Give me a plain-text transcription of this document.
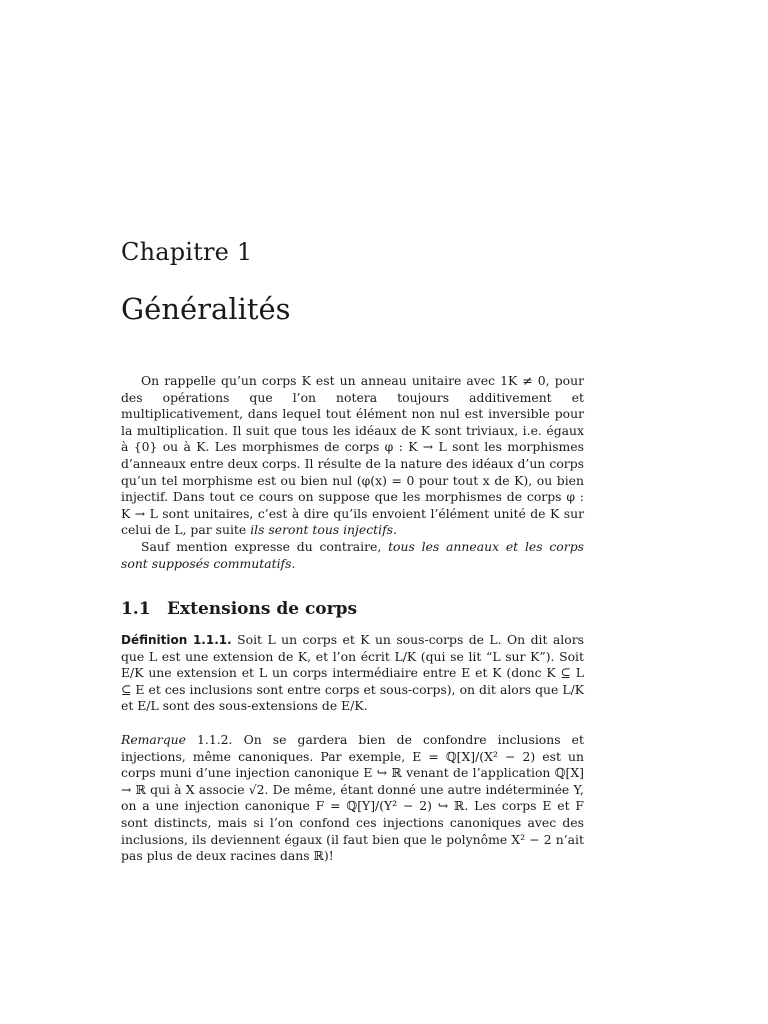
Chapitre 1
Généralités

On rappelle qu’un corps K est un anneau unitaire avec 1K ≠ 0, pour des opérations que l’on notera toujours additivement et multiplicativement, dans lequel tout élément non nul est inversible pour la multiplication. Il suit que tous les idéaux de K sont triviaux, i.e. égaux à {0} ou à K. Les morphismes de corps φ : K → L sont les morphismes d’anneaux entre deux corps. Il résulte de la nature des idéaux d’un corps qu’un tel morphisme est ou bien nul (φ(x) = 0 pour tout x de K), ou bien injectif. Dans tout ce cours on suppose que les morphismes de corps φ : K → L sont unitaires, c’est à dire qu’ils envoient l’élément unité de K sur celui de L, par suite ils seront tous injectifs.

Sauf mention expresse du contraire, tous les anneaux et les corps sont supposés commutatifs.

1.1 Extensions de corps

Définition 1.1.1. Soit L un corps et K un sous-corps de L. On dit alors que L est une extension de K, et l’on écrit L/K (qui se lit “L sur K”). Soit E/K une extension et L un corps intermédiaire entre E et K (donc K ⊆ L ⊆ E et ces inclusions sont entre corps et sous-corps), on dit alors que L/K et E/L sont des sous-extensions de E/K.

Remarque 1.1.2. On se gardera bien de confondre inclusions et injections, même canoniques. Par exemple, E = ℚ[X]/(X² − 2) est un corps muni d’une injection canonique E ↪ ℝ venant de l’application ℚ[X] → ℝ qui à X associe √2. De même, étant donné une autre indéterminée Y, on a une injection canonique F = ℚ[Y]/(Y² − 2) ↪ ℝ. Les corps E et F sont distincts, mais si l’on confond ces injections canoniques avec des inclusions, ils deviennent égaux (il faut bien que le polynôme X² − 2 n’ait pas plus de deux racines dans ℝ)!
